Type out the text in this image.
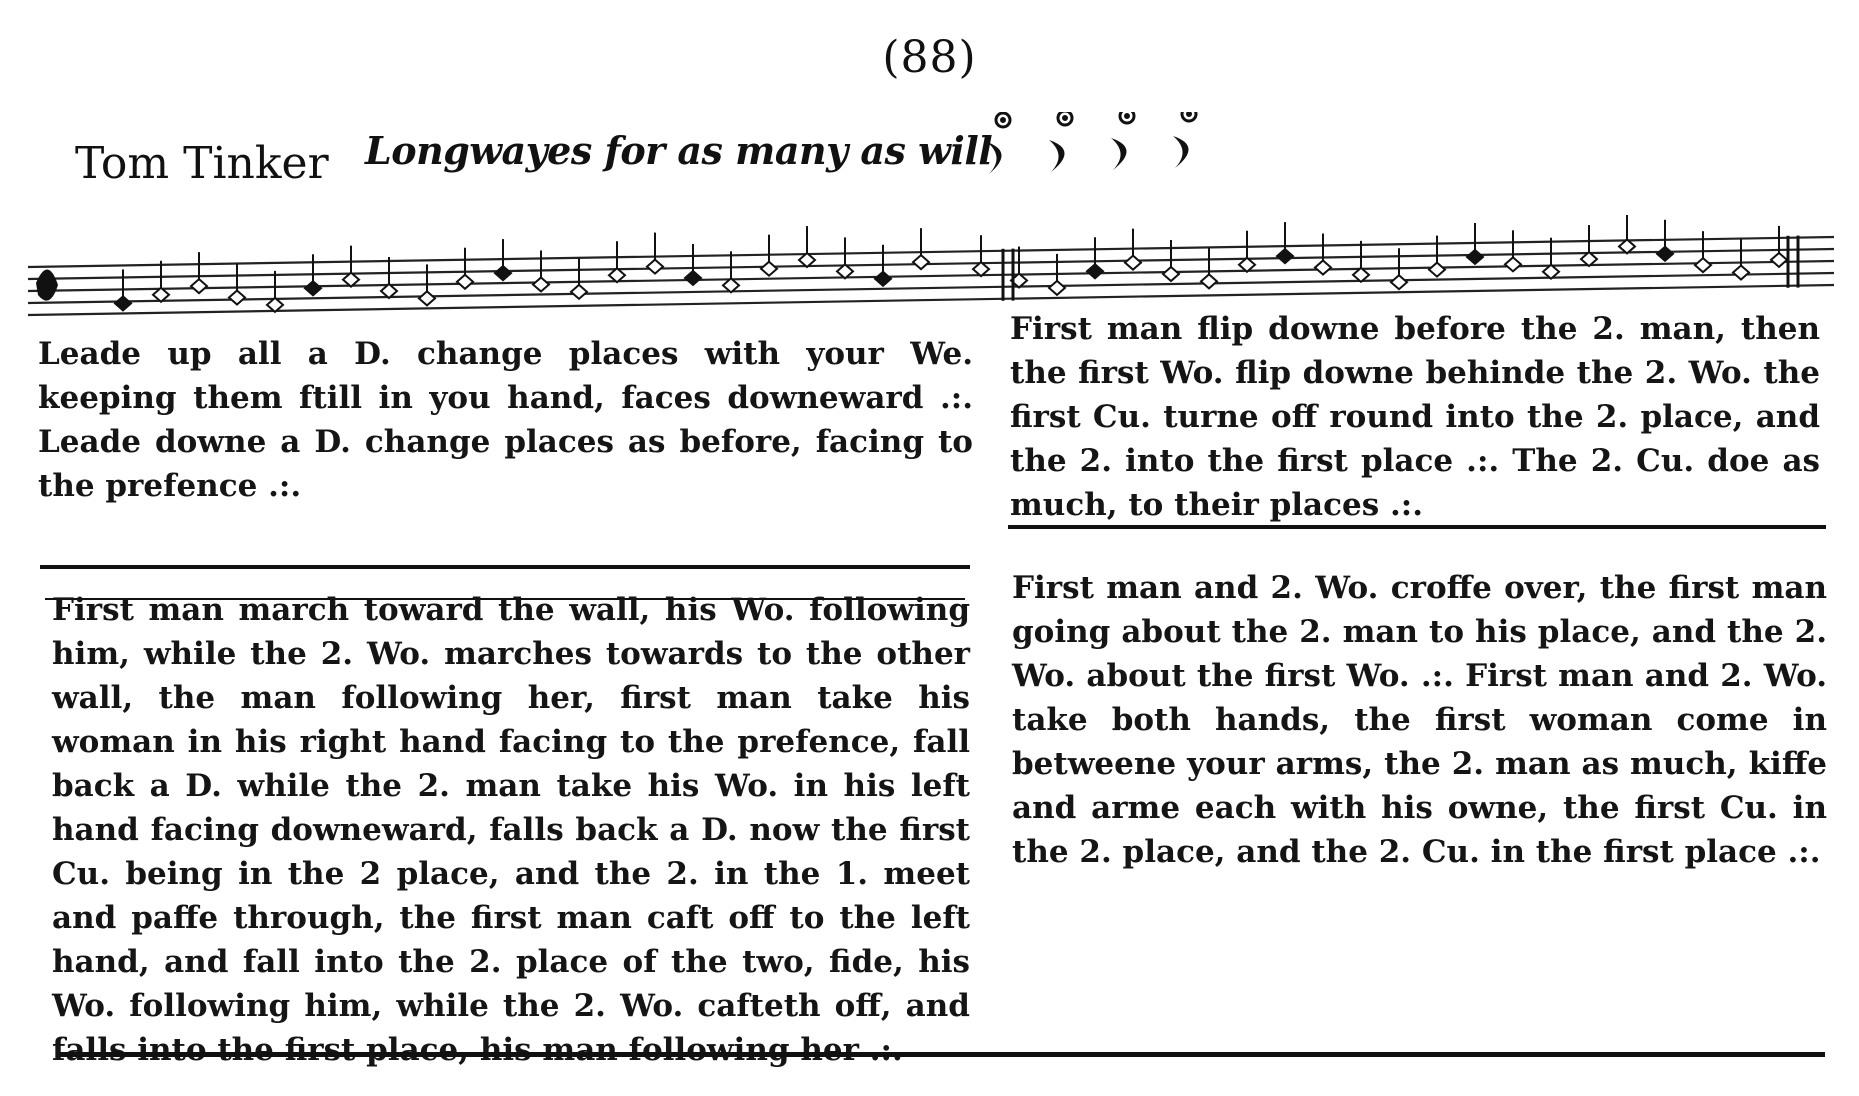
(88)
Tom Tinker Longwayes for as many as will
Leade up all a D. change places with your We. keeping them ftill in you hand, faces downeward .:. Leade downe a D. change places as before, facing to the prefence .:.
First man flip downe before the 2. man, then the first Wo. flip downe behinde the 2. Wo. the first Cu. turne off round into the 2. place, and the 2. into the first place .:. The 2. Cu. doe as much, to their places .:.
First man march toward the wall, his Wo. following him, while the 2. Wo. marches towards to the other wall, the man following her, first man take his woman in his right hand facing to the prefence, fall back a D. while the 2. man take his Wo. in his left hand facing downeward, falls back a D. now the first Cu. being in the 2 place, and the 2. in the 1. meet and paffe through, the first man caft off to the left hand, and fall into the 2. place of the two, fide, his Wo. following him, while the 2. Wo. cafteth off, and falls into the first place, his man following her .:.
First man and 2. Wo. croffe over, the first man going about the 2. man to his place, and the 2. Wo. about the first Wo. .:. First man and 2. Wo. take both hands, the first woman come in betweene your arms, the 2. man as much, kiffe and arme each with his owne, the first Cu. in the 2. place, and the 2. Cu. in the first place .:.
